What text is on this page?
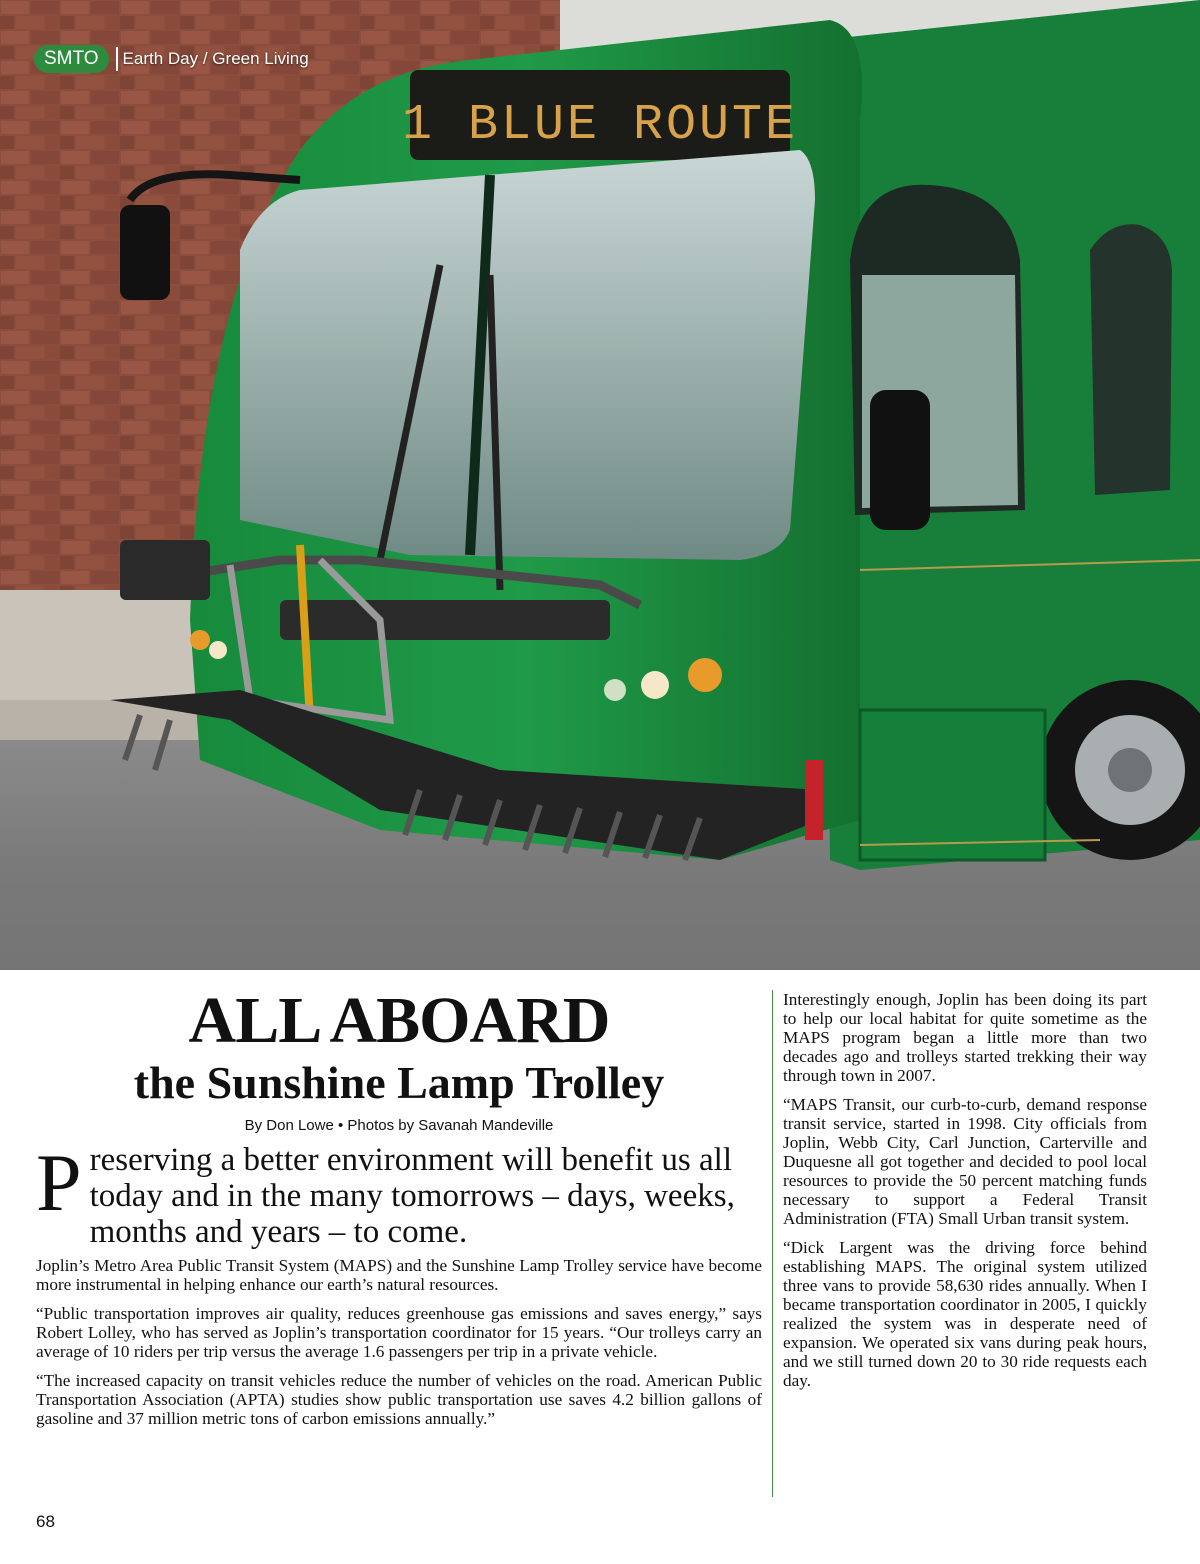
1 BLUE ROUTE
SMTO	Earth Day / Green Living
ALL ABOARD
the Sunshine Lamp Trolley
By Don Lowe • Photos by Savanah Mandeville

Preserving a better environment will benefit us all today and in the many tomorrows – days, weeks, months and years – to come.

Joplin’s Metro Area Public Transit System (MAPS) and the Sunshine Lamp Trolley service have become more instrumental in helping enhance our earth’s natural resources.

“Public transportation improves air quality, reduces greenhouse gas emissions and saves energy,” says Robert Lolley, who has served as Joplin’s transportation coordinator for 15 years. “Our trolleys carry an average of 10 riders per trip versus the average 1.6 passengers per trip in a private vehicle.

“The increased capacity on transit vehicles reduce the number of vehicles on the road. American Public Transportation Association (APTA) studies show public transportation use saves 4.2 billion gallons of gasoline and 37 million metric tons of carbon emissions annually.”

Interestingly enough, Joplin has been doing its part to help our local habitat for quite sometime as the MAPS program began a little more than two decades ago and trolleys started trekking their way through town in 2007.

“MAPS Transit, our curb-to-curb, demand response transit service, started in 1998. City officials from Joplin, Webb City, Carl Junction, Carterville and Duquesne all got together and decided to pool local resources to provide the 50 percent matching funds necessary to support a Federal Transit Administration (FTA) Small Urban transit system.

“Dick Largent was the driving force behind establishing MAPS. The original system utilized three vans to provide 58,630 rides annually. When I became transportation coordinator in 2005, I quickly realized the system was in desperate need of expansion. We operated six vans during peak hours, and we still turned down 20 to 30 ride requests each day.

68
